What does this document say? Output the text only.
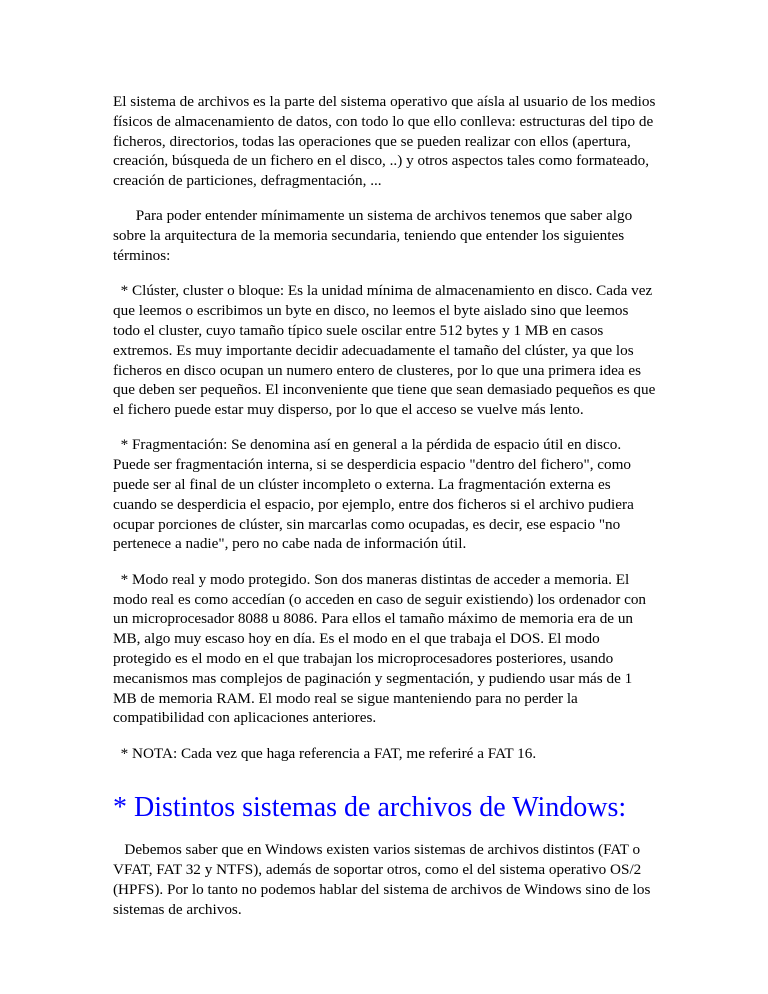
El sistema de archivos es la parte del sistema operativo que aísla al usuario de los medios físicos de almacenamiento de datos, con todo lo que ello conlleva: estructuras del tipo de ficheros, directorios, todas las operaciones que se pueden realizar con ellos (apertura, creación, búsqueda de un fichero en el disco, ..) y otros aspectos tales como formateado, creación de particiones, defragmentación, ...

Para poder entender mínimamente un sistema de archivos tenemos que saber algo sobre la arquitectura de la memoria secundaria, teniendo que entender los siguientes términos:

* Clúster, cluster o bloque: Es la unidad mínima de almacenamiento en disco. Cada vez que leemos o escribimos un byte en disco, no leemos el byte aislado sino que leemos todo el cluster, cuyo tamaño típico suele oscilar entre 512 bytes y 1 MB en casos extremos. Es muy importante decidir adecuadamente el tamaño del clúster, ya que los ficheros en disco ocupan un numero entero de clusteres, por lo que una primera idea es que deben ser pequeños. El inconveniente que tiene que sean demasiado pequeños es que el fichero puede estar muy disperso, por lo que el acceso se vuelve más lento.

* Fragmentación: Se denomina así en general a la pérdida de espacio útil en disco. Puede ser fragmentación interna, si se desperdicia espacio "dentro del fichero", como puede ser al final de un clúster incompleto o externa. La fragmentación externa es cuando se desperdicia el espacio, por ejemplo, entre dos ficheros si el archivo pudiera ocupar porciones de clúster, sin marcarlas como ocupadas, es decir, ese espacio "no pertenece a nadie", pero no cabe nada de información útil.

* Modo real y modo protegido. Son dos maneras distintas de acceder a memoria. El modo real es como accedían (o acceden en caso de seguir existiendo) los ordenador con un microprocesador 8088 u 8086. Para ellos el tamaño máximo de memoria era de un MB, algo muy escaso hoy en día. Es el modo en el que trabaja el DOS. El modo protegido es el modo en el que trabajan los microprocesadores posteriores, usando mecanismos mas complejos de paginación y segmentación, y pudiendo usar más de 1 MB de memoria RAM. El modo real se sigue manteniendo para no perder la compatibilidad con aplicaciones anteriores.

* NOTA: Cada vez que haga referencia a FAT, me referiré a FAT 16.

* Distintos sistemas de archivos de Windows:

Debemos saber que en Windows existen varios sistemas de archivos distintos (FAT o VFAT, FAT 32 y NTFS), además de soportar otros, como el del sistema operativo OS/2 (HPFS). Por lo tanto no podemos hablar del sistema de archivos de Windows sino de los sistemas de archivos.
